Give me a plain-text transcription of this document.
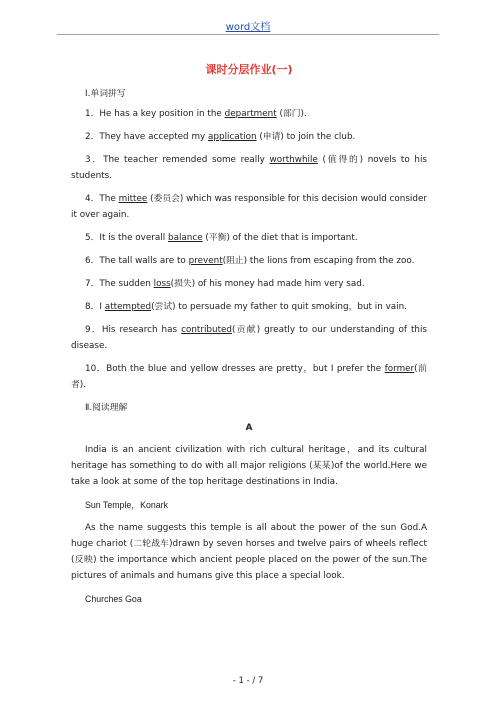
word文档
课时分层作业(一)
Ⅰ.单词拼写
1．He has a key position in the department (部门)．
2．They have accepted my application (申请) to join the club.
3．The teacher remended some really worthwhile (值得的) novels to his students.
4．The mittee (委员会) which was responsible for this decision would consider it over again.
5．It is the overall balance (平衡) of the diet that is important.
6．The tall walls are to prevent(阻止) the lions from escaping from the zoo.
7．The sudden loss(损失) of his money had made him very sad.
8．I attempted(尝试) to persuade my father to quit smoking，but in vain.
9．His research has contributed(贡献) greatly to our understanding of this disease.
10．Both the blue and yellow dresses are pretty，but I prefer the former(前者)．
Ⅱ.阅读理解
A
India is an ancient civilization with rich cultural heritage，and its cultural heritage has something to do with all major religions (某某)of the world.Here we take a look at some of the top heritage destinations in India.
Sun Temple，Konark
As the name suggests this temple is all about the power of the sun God.A huge chariot (二轮战车)drawn by seven horses and twelve pairs of wheels reflect (反映) the importance which ancient people placed on the power of the sun.The pictures of animals and humans give this place a special look.
Churches Goa
- 1 - / 7
